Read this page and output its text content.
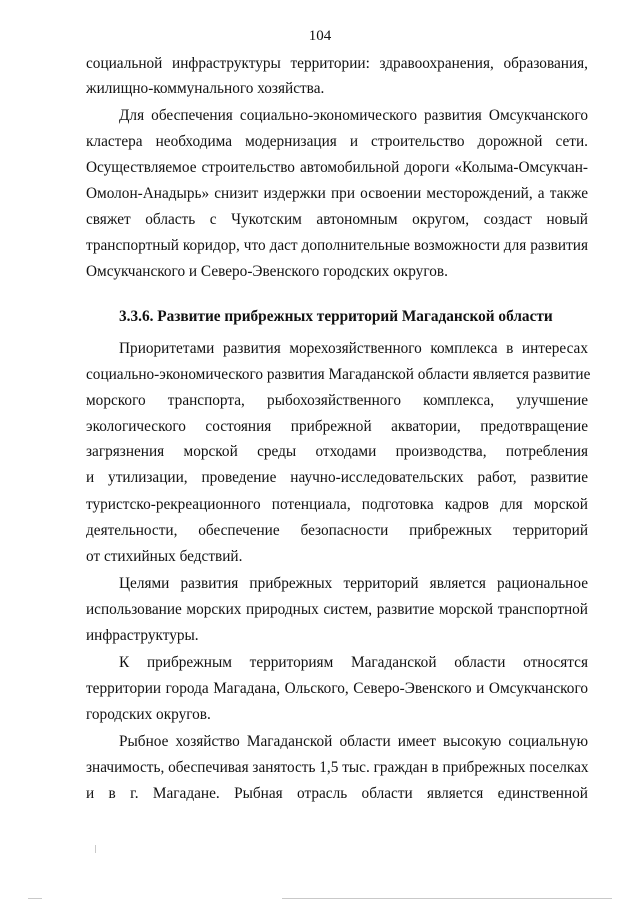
104
социальной инфраструктуры территории: здравоохранения, образования,
жилищно-коммунального хозяйства.
Для обеспечения социально-экономического развития Омсукчанского
кластера необходима модернизация и строительство дорожной сети.
Осуществляемое строительство автомобильной дороги «Колыма-Омсукчан-
Омолон-Анадырь» снизит издержки при освоении месторождений, а также
свяжет область с Чукотским автономным округом, создаст новый
транспортный коридор, что даст дополнительные возможности для развития
Омсукчанского и Северо-Эвенского городских округов.
3.3.6. Развитие прибрежных территорий Магаданской области
Приоритетами развития морехозяйственного комплекса в интересах
социально-экономического развития Магаданской области является развитие
морского транспорта, рыбохозяйственного комплекса, улучшение
экологического состояния прибрежной акватории, предотвращение
загрязнения морской среды отходами производства, потребления
и утилизации, проведение научно-исследовательских работ, развитие
туристско-рекреационного потенциала, подготовка кадров для морской
деятельности, обеспечение безопасности прибрежных территорий
от стихийных бедствий.
Целями развития прибрежных территорий является рациональное
использование морских природных систем, развитие морской транспортной
инфраструктуры.
К прибрежным территориям Магаданской области относятся
территории города Магадана, Ольского, Северо-Эвенского и Омсукчанского
городских округов.
Рыбное хозяйство Магаданской области имеет высокую социальную
значимость, обеспечивая занятость 1,5 тыс. граждан в прибрежных поселках
и в г. Магадане. Рыбная отрасль области является единственной
